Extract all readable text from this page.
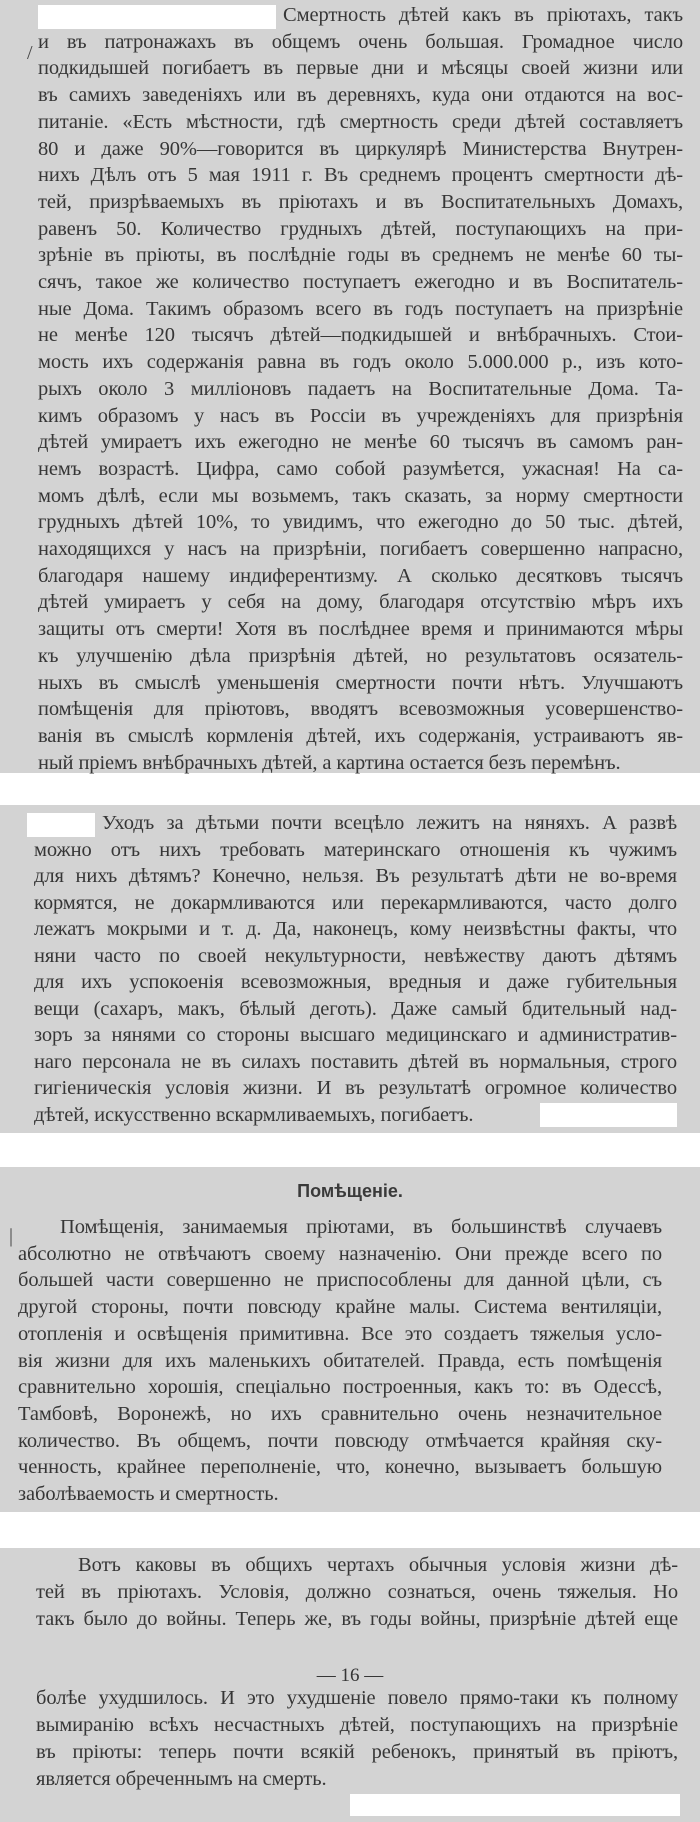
ный пріемъ внѣбрачныхъ дѣтей, а картина остается безъ перемѣнъ.
ванія въ смыслѣ кормленія дѣтей, ихъ содержанія, устраиваютъ яв-
помѣщенія для пріютовъ, вводятъ всевозможныя усовершенство-
ныхъ въ смыслѣ уменьшенія смертности почти нѣтъ. Улучшаютъ
къ улучшенію дѣла призрѣнія дѣтей, но результатовъ осязатель-
защиты отъ смерти! Хотя въ послѣднее время и принимаются мѣры
дѣтей умираетъ у себя на дому, благодаря отсутствію мѣръ ихъ
благодаря нашему индиферентизму. А сколько десятковъ тысячъ
находящихся у насъ на призрѣніи, погибаетъ совершенно напрасно,
грудныхъ дѣтей 10%, то увидимъ, что ежегодно до 50 тыс. дѣтей,
момъ дѣлѣ, если мы возьмемъ, такъ сказать, за норму смертности
немъ возрастѣ. Цифра, само собой разумѣется, ужасная! На са-
дѣтей умираетъ ихъ ежегодно не менѣе 60 тысячъ въ самомъ ран-
кимъ образомъ у насъ въ Россіи въ учрежденіяхъ для призрѣнія
рыхъ около 3 милліоновъ падаетъ на Воспитательные Дома. Та-
мость ихъ содержанія равна въ годъ около 5.000.000 р., изъ кото-
не менѣе 120 тысячъ дѣтей—подкидышей и внѣбрачныхъ. Стои-
ные Дома. Такимъ образомъ всего въ годъ поступаетъ на призрѣніе
сячъ, такое же количество поступаетъ ежегодно и въ Воспитатель-
зрѣніе въ пріюты, въ послѣдніе годы въ среднемъ не менѣе 60 ты-
равенъ 50. Количество грудныхъ дѣтей, поступающихъ на при-
тей, призрѣваемыхъ въ пріютахъ и въ Воспитательныхъ Домахъ,
нихъ Дѣлъ отъ 5 мая 1911 г. Въ среднемъ процентъ смертности дѣ-
80 и даже 90%—говорится въ циркулярѣ Министерства Внутрен-
питаніе. «Есть мѣстности, гдѣ смертность среди дѣтей составляетъ
въ самихъ заведеніяхъ или въ деревняхъ, куда они отдаются на вос-
подкидышей погибаетъ въ первые дни и мѣсяцы своей жизни или
и въ патронажахъ въ общемъ очень большая. Громадное число
Смертность дѣтей какъ въ пріютахъ, такъ
/
дѣтей, искусственно вскармливаемыхъ, погибаетъ.
гигіеническія условія жизни. И въ результатѣ огромное количество
наго персонала не въ силахъ поставить дѣтей въ нормальныя, строго
зоръ за нянями со стороны высшаго медицинскаго и административ-
вещи (сахаръ, макъ, бѣлый деготь). Даже самый бдительный над-
для ихъ успокоенія всевозможныя, вредныя и даже губительныя
няни часто по своей некультурности, невѣжеству даютъ дѣтямъ
лежатъ мокрыми и т. д. Да, наконецъ, кому неизвѣстны факты, что
кормятся, не докармливаются или перекармливаются, часто долго
для нихъ дѣтямъ? Конечно, нельзя. Въ результатѣ дѣти не во-время
можно отъ нихъ требовать материнскаго отношенія къ чужимъ
Уходъ за дѣтьми почти всецѣло лежитъ на няняхъ. А развѣ
заболѣваемость и смертность.
ченность, крайнее переполненіе, что, конечно, вызываетъ большую
количество. Въ общемъ, почти повсюду отмѣчается крайняя ску-
Тамбовѣ, Воронежѣ, но ихъ сравнительно очень незначительное
сравнительно хорошія, спеціально построенныя, какъ то: въ Одессѣ,
вія жизни для ихъ маленькихъ обитателей. Правда, есть помѣщенія
отопленія и освѣщенія примитивна. Все это создаетъ тяжелыя усло-
другой стороны, почти повсюду крайне малы. Система вентиляціи,
большей части совершенно не приспособлены для данной цѣли, съ
абсолютно не отвѣчаютъ своему назначенію. Они прежде всего по
Помѣщенія, занимаемыя пріютами, въ большинствѣ случаевъ
Помѣщеніе.
|
является обреченнымъ на смерть.
въ пріюты: теперь почти всякій ребенокъ, принятый въ пріютъ,
вымиранію всѣхъ несчастныхъ дѣтей, поступающихъ на призрѣніе
болѣе ухудшилось. И это ухудшеніе повело прямо-таки къ полному
такъ было до войны. Теперь же, въ годы войны, призрѣніе дѣтей еще
тей въ пріютахъ. Условія, должно сознаться, очень тяжелыя. Но
Вотъ каковы въ общихъ чертахъ обычныя условія жизни дѣ-
— 16 —
